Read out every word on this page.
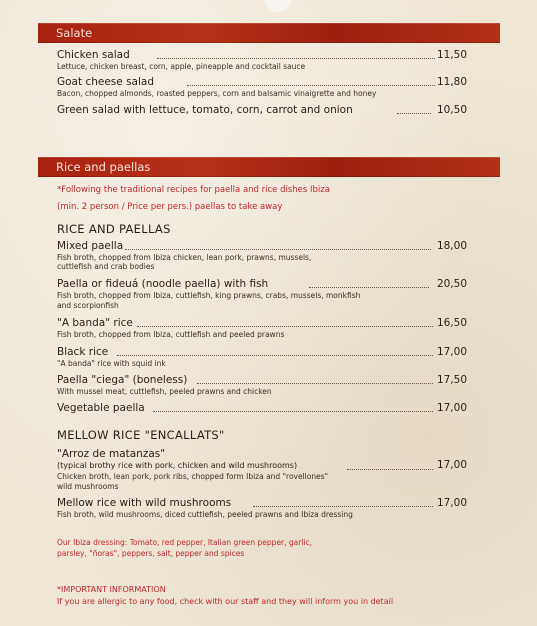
Salate
Chicken salad	11,50
Lettuce, chicken breast, corn, apple, pineapple and cocktail sauce
Goat cheese salad	11,80
Bacon, chopped almonds, roasted peppers, corn and balsamic vinaigrette and honey
Green salad with lettuce, tomato, corn, carrot and onion	10,50
Rice and paellas
*Following the traditional recipes for paella and rice dishes Ibiza
(min. 2 person / Price per pers.) paellas to take away
RICE AND PAELLAS
Mixed paella	18,00
Fish broth, chopped from Ibiza chicken, lean pork, prawns, mussels,
cuttlefish and crab bodies
Paella or fideuá (noodle paella) with fish	20,50
Fish broth, chopped from Ibiza, cuttlefish, king prawns, crabs, mussels, monkfish
and scorpionfish
"A banda" rice	16,50
Fish broth, chopped from Ibiza, cuttlefish and peeled prawns
Black rice	17,00
"A banda" rice with squid ink
Paella "ciega" (boneless)	17,50
With mussel meat, cuttlefish, peeled prawns and chicken
Vegetable paella	17,00
MELLOW RICE "ENCALLATS"
"Arroz de matanzas"
(typical brothy rice with pork, chicken and wild mushrooms)	17,00
Chicken broth, lean pork, pork ribs, chopped form Ibiza and "rovellones"
wild mushrooms
Mellow rice with wild mushrooms	17,00
Fish broth, wild mushrooms, diced cuttlefish, peeled prawns and Ibiza dressing
Our Ibiza dressing: Tomato, red pepper, Italian green pepper, garlic,
parsley, "ñoras", peppers, salt, pepper and spices
*IMPORTANT INFORMATION
If you are allergic to any food, check with our staff and they will inform you in detail
